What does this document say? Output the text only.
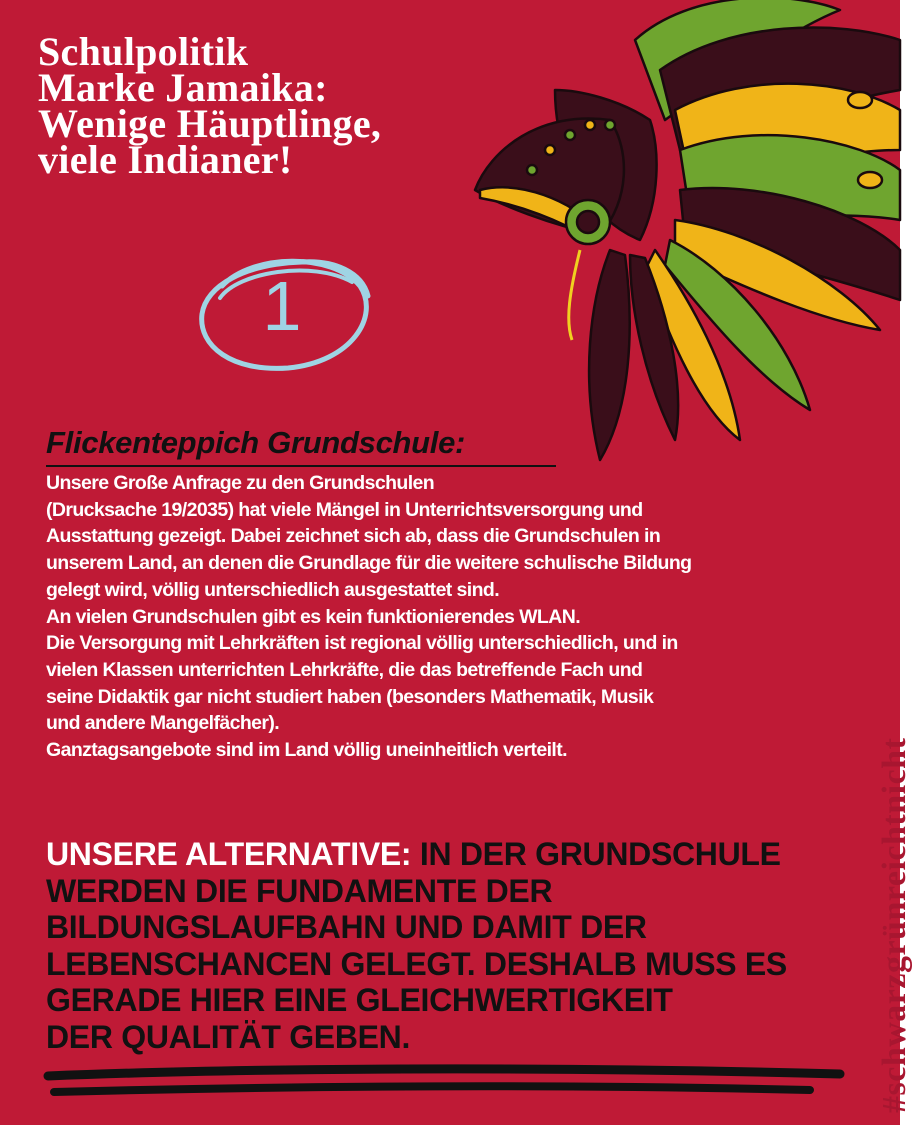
Schulpolitik
Marke Jamaika:
Wenige Häuptlinge,
viele Indianer!
1
Flickenteppich Grundschule:

Unsere Große Anfrage zu den Grundschulen
(Drucksache 19/2035) hat viele Mängel in Unterrichtsversorgung und
Ausstattung gezeigt. Dabei zeichnet sich ab, dass die Grundschulen in
unserem Land, an denen die Grundlage für die weitere schulische Bildung
gelegt wird, völlig unterschiedlich ausgestattet sind.

An vielen Grundschulen gibt es kein funktionierendes WLAN.

Die Versorgung mit Lehrkräften ist regional völlig unterschiedlich, und in
vielen Klassen unterrichten Lehrkräfte, die das betreffende Fach und
seine Didaktik gar nicht studiert haben (besonders Mathematik, Musik
und andere Mangelfächer).

Ganztagsangebote sind im Land völlig uneinheitlich verteilt.

UNSERE ALTERNATIVE: IN DER GRUNDSCHULE
WERDEN DIE FUNDAMENTE DER
BILDUNGSLAUFBAHN UND DAMIT DER
LEBENSCHANCEN GELEGT. DESHALB MUSS ES
GERADE HIER EINE GLEICHWERTIGKEIT
DER QUALITÄT GEBEN.	#schwarzgrünreichtnicht
